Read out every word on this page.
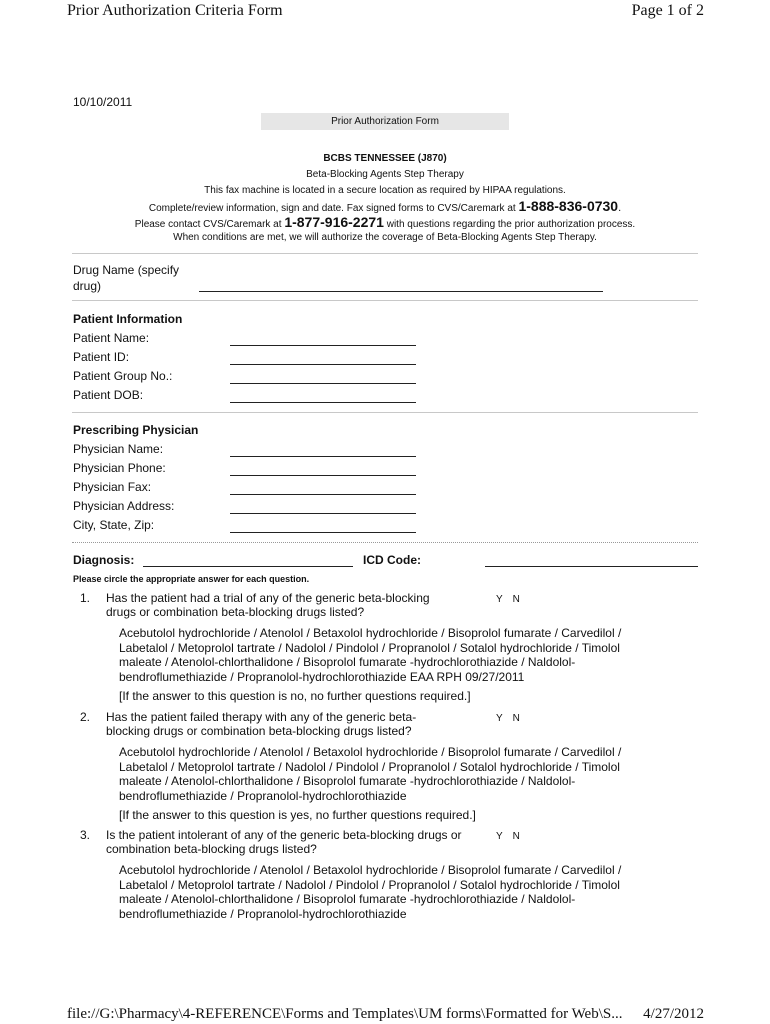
Prior Authorization Criteria Form	Page 1 of 2
10/10/2011
Prior Authorization Form
BCBS TENNESSEE (J870)
Beta-Blocking Agents Step Therapy
This fax machine is located in a secure location as required by HIPAA regulations.
Complete/review information, sign and date. Fax signed forms to CVS/Caremark at 1-888-836-0730.
Please contact CVS/Caremark at 1-877-916-2271 with questions regarding the prior authorization process.
When conditions are met, we will authorize the coverage of Beta-Blocking Agents Step Therapy.
Drug Name (specify
drug)
Patient Information
Patient Name:
Patient ID:
Patient Group No.:
Patient DOB:
Prescribing Physician
Physician Name:
Physician Phone:
Physician Fax:
Physician Address:
City, State, Zip:
Diagnosis:	ICD Code:
Please circle the appropriate answer for each question.
1. Has the patient had a trial of any of the generic beta-blocking drugs or combination beta-blocking drugs listed?
Y N
Acebutolol hydrochloride / Atenolol / Betaxolol hydrochloride / Bisoprolol fumarate / Carvedilol / Labetalol / Metoprolol tartrate / Nadolol / Pindolol / Propranolol / Sotalol hydrochloride / Timolol maleate / Atenolol-chlorthalidone / Bisoprolol fumarate -hydrochlorothiazide / Naldolol-bendroflumethiazide / Propranolol-hydrochlorothiazide EAA RPH 09/27/2011
[If the answer to this question is no, no further questions required.]
2. Has the patient failed therapy with any of the generic beta-blocking drugs or combination beta-blocking drugs listed?
Y N
Acebutolol hydrochloride / Atenolol / Betaxolol hydrochloride / Bisoprolol fumarate / Carvedilol / Labetalol / Metoprolol tartrate / Nadolol / Pindolol / Propranolol / Sotalol hydrochloride / Timolol maleate / Atenolol-chlorthalidone / Bisoprolol fumarate -hydrochlorothiazide / Naldolol-bendroflumethiazide / Propranolol-hydrochlorothiazide
[If the answer to this question is yes, no further questions required.]
3. Is the patient intolerant of any of the generic beta-blocking drugs or combination beta-blocking drugs listed?
Y N
Acebutolol hydrochloride / Atenolol / Betaxolol hydrochloride / Bisoprolol fumarate / Carvedilol / Labetalol / Metoprolol tartrate / Nadolol / Pindolol / Propranolol / Sotalol hydrochloride / Timolol maleate / Atenolol-chlorthalidone / Bisoprolol fumarate -hydrochlorothiazide / Naldolol-bendroflumethiazide / Propranolol-hydrochlorothiazide
file://G:\Pharmacy\4-REFERENCE\Forms and Templates\UM forms\Formatted for Web\S... 4/27/2012
